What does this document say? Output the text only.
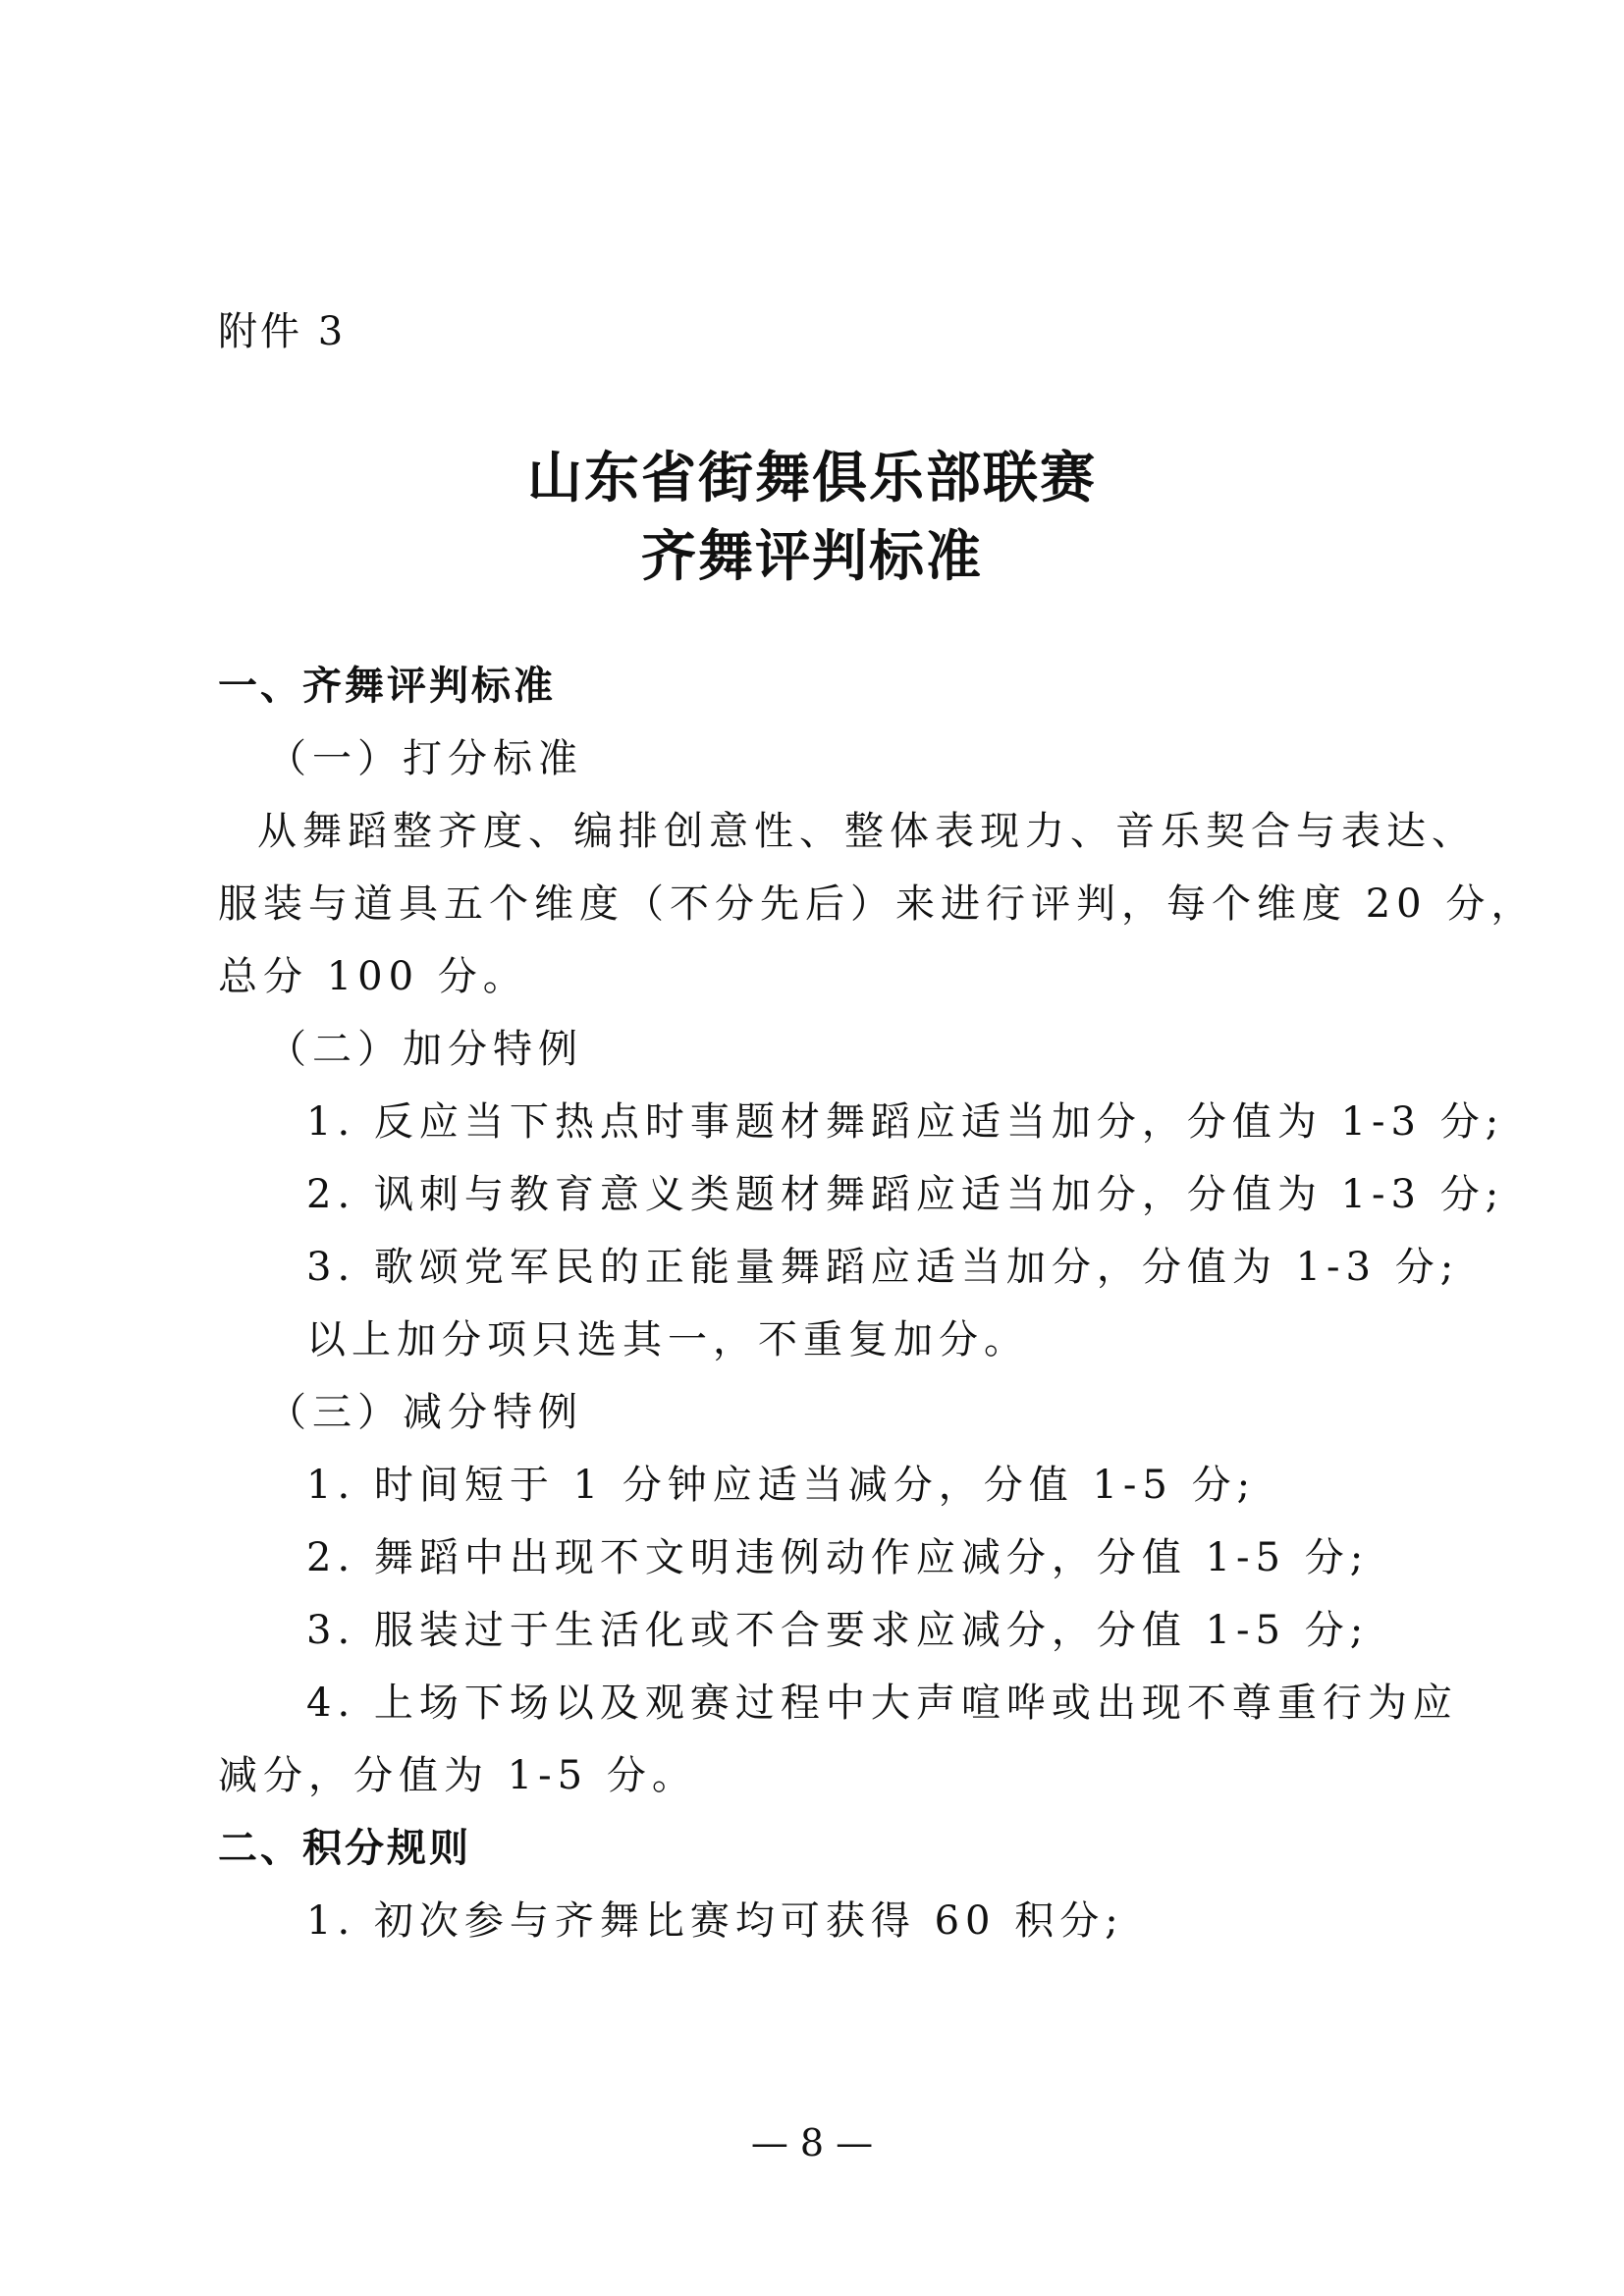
附件 3
山东省街舞俱乐部联赛
齐舞评判标准
一、齐舞评判标准
（一）打分标准
从舞蹈整齐度、编排创意性、整体表现力、音乐契合与表达、
服装与道具五个维度（不分先后）来进行评判，每个维度 20 分，
总分 100 分。
（二）加分特例
1. 反应当下热点时事题材舞蹈应适当加分，分值为 1-3 分;
2. 讽刺与教育意义类题材舞蹈应适当加分，分值为 1-3 分;
3. 歌颂党军民的正能量舞蹈应适当加分，分值为 1-3 分;
以上加分项只选其一，不重复加分。
（三）减分特例
1. 时间短于 1 分钟应适当减分，分值 1-5 分;
2. 舞蹈中出现不文明违例动作应减分，分值 1-5 分;
3. 服装过于生活化或不合要求应减分，分值 1-5 分;
4. 上场下场以及观赛过程中大声喧哗或出现不尊重行为应
减分，分值为 1-5 分。
二、积分规则
1. 初次参与齐舞比赛均可获得 60 积分;
— 8 —
